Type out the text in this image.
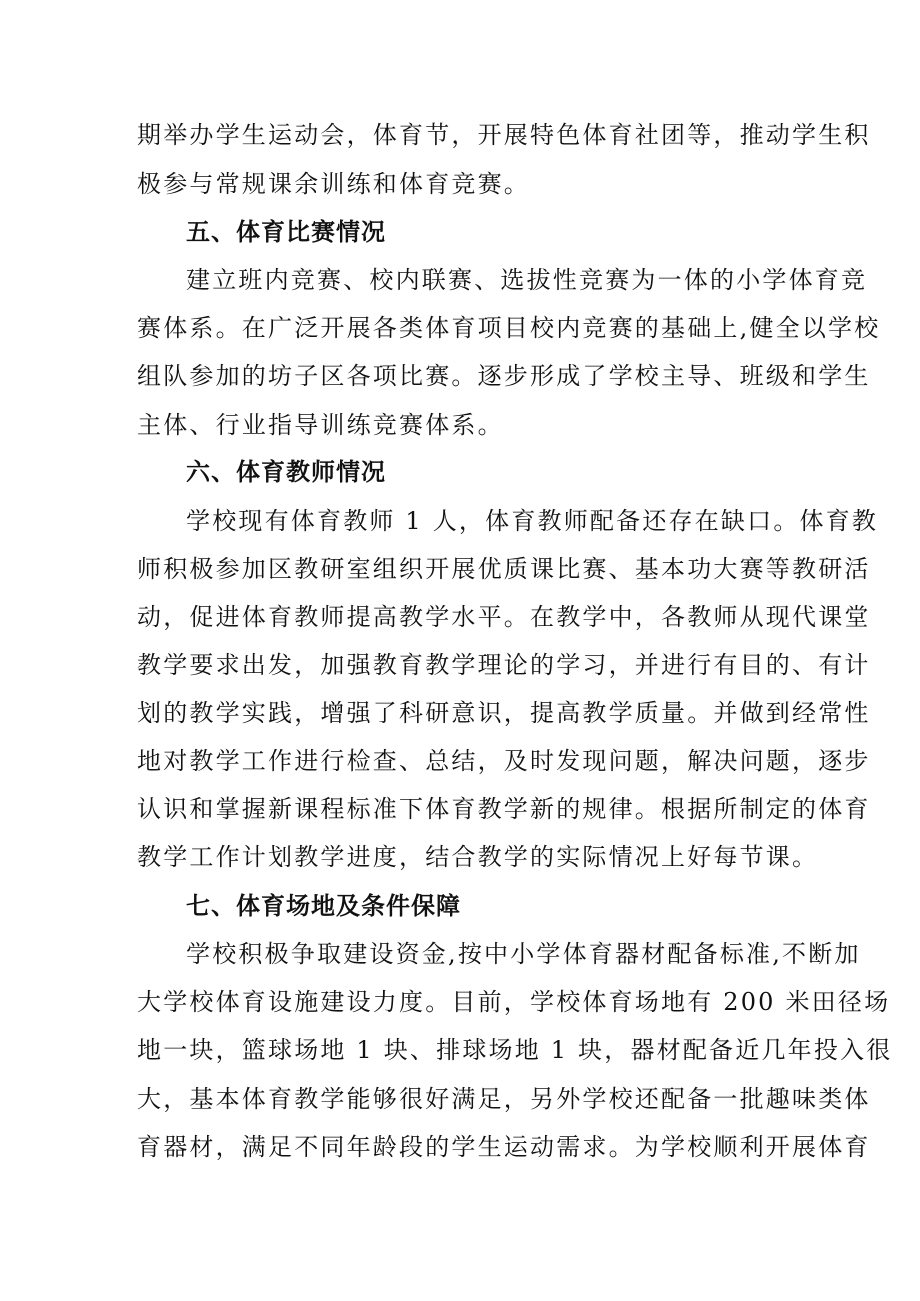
期举办学生运动会，体育节，开展特色体育社团等，推动学生积
极参与常规课余训练和体育竞赛。
五、体育比赛情况
建立班内竞赛、校内联赛、选拔性竞赛为一体的小学体育竞
赛体系。在广泛开展各类体育项目校内竞赛的基础上,健全以学校
组队参加的坊子区各项比赛。逐步形成了学校主导、班级和学生
主体、行业指导训练竞赛体系。
六、体育教师情况
学校现有体育教师 1 人，体育教师配备还存在缺口。体育教
师积极参加区教研室组织开展优质课比赛、基本功大赛等教研活
动，促进体育教师提高教学水平。在教学中，各教师从现代课堂
教学要求出发，加强教育教学理论的学习，并进行有目的、有计
划的教学实践，增强了科研意识，提高教学质量。并做到经常性
地对教学工作进行检查、总结，及时发现问题，解决问题，逐步
认识和掌握新课程标准下体育教学新的规律。根据所制定的体育
教学工作计划教学进度，结合教学的实际情况上好每节课。
七、体育场地及条件保障
学校积极争取建设资金,按中小学体育器材配备标准,不断加
大学校体育设施建设力度。目前，学校体育场地有 200 米田径场
地一块，篮球场地 1 块、排球场地 1 块，器材配备近几年投入很
大，基本体育教学能够很好满足，另外学校还配备一批趣味类体
育器材，满足不同年龄段的学生运动需求。为学校顺利开展体育
